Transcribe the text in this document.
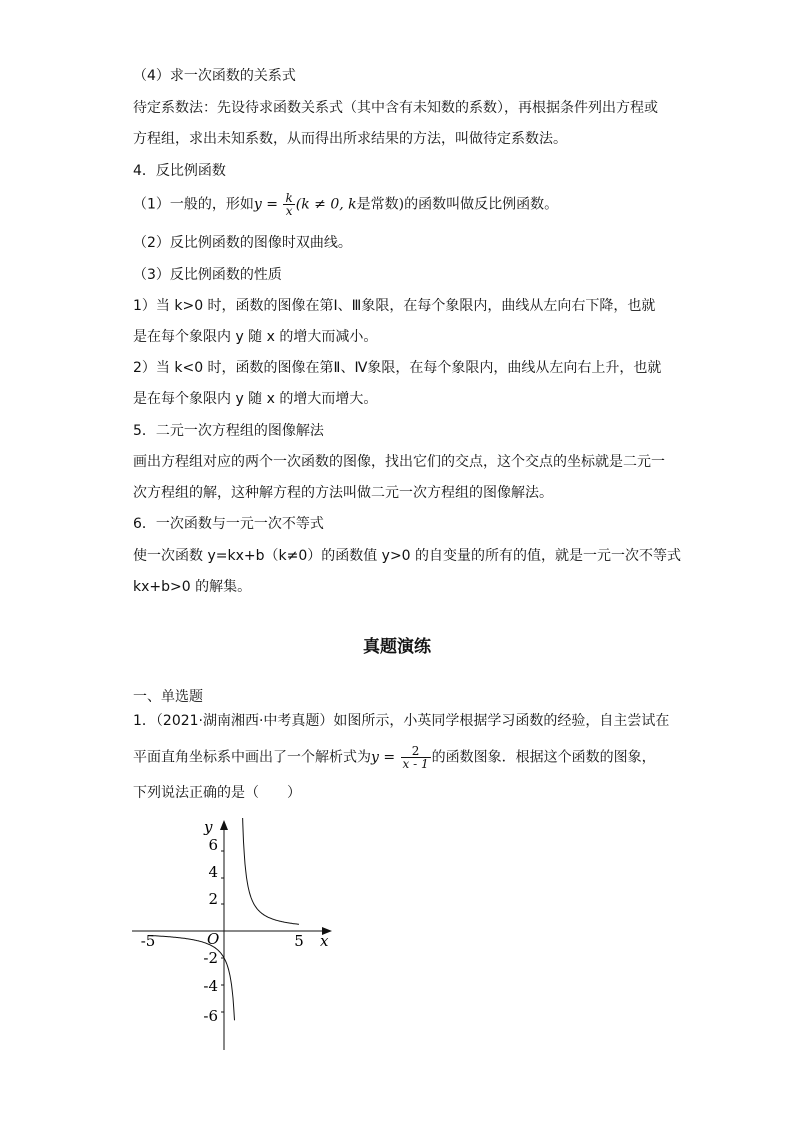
（4）求一次函数的关系式
待定系数法：先设待求函数关系式（其中含有未知数的系数），再根据条件列出方程或
方程组，求出未知系数，从而得出所求结果的方法，叫做待定系数法。
4．反比例函数
（1）一般的，形如$y = \frac{k}{x} (k \ne 0$, k是常数)的函数叫做反比例函数。
（2）反比例函数的图像时双曲线。
（3）反比例函数的性质
1）当 k>0 时，函数的图像在第Ⅰ、Ⅲ象限，在每个象限内，曲线从左向右下降，也就
是在每个象限内 y 随 x 的增大而减小。
2）当 k<0 时，函数的图像在第Ⅱ、Ⅳ象限，在每个象限内，曲线从左向右上升，也就
是在每个象限内 y 随 x 的增大而增大。
5．二元一次方程组的图像解法
画出方程组对应的两个一次函数的图像，找出它们的交点，这个交点的坐标就是二元一
次方程组的解，这种解方程的方法叫做二元一次方程组的图像解法。
6．一次函数与一元一次不等式
使一次函数 y=kx+b（k≠0）的函数值 y>0 的自变量的所有的值，就是一元一次不等式
kx+b>0 的解集。
真题演练
一、单选题
1．（2021·湖南湘西·中考真题）如图所示，小英同学根据学习函数的经验，自主尝试在
平面直角坐标系中画出了一个解析式为$y = \frac{2}{x - 1}$ 的函数图象．根据这个函数的图象，
下列说法正确的是（　　）
y
x
O
6
4
2
-2
-4
-6
-5	5
